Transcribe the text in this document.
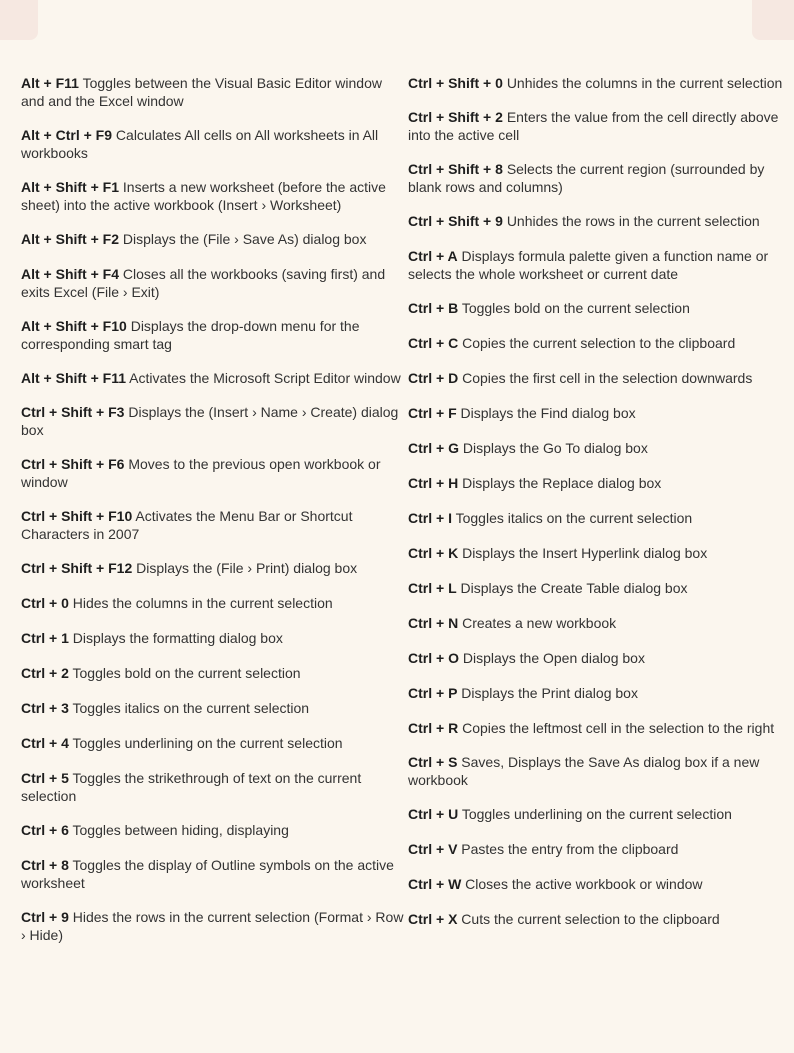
Alt + F11 Toggles between the Visual Basic Editor window and and the Excel window

Alt + Ctrl + F9 Calculates All cells on All worksheets in All workbooks

Alt + Shift + F1 Inserts a new worksheet (before the active sheet) into the active workbook (Insert › Worksheet)

Alt + Shift + F2 Displays the (File › Save As) dialog box

Alt + Shift + F4 Closes all the workbooks (saving first) and exits Excel (File › Exit)

Alt + Shift + F10 Displays the drop-down menu for the corresponding smart tag

Alt + Shift + F11 Activates the Microsoft Script Editor window

Ctrl + Shift + F3 Displays the (Insert › Name › Create) dialog box

Ctrl + Shift + F6 Moves to the previous open workbook or window

Ctrl + Shift + F10 Activates the Menu Bar or Shortcut Characters in 2007

Ctrl + Shift + F12 Displays the (File › Print) dialog box

Ctrl + 0 Hides the columns in the current selection

Ctrl + 1 Displays the formatting dialog box

Ctrl + 2 Toggles bold on the current selection

Ctrl + 3 Toggles italics on the current selection

Ctrl + 4 Toggles underlining on the current selection

Ctrl + 5 Toggles the strikethrough of text on the current selection

Ctrl + 6 Toggles between hiding, displaying

Ctrl + 8 Toggles the display of Outline symbols on the active worksheet

Ctrl + 9 Hides the rows in the current selection (Format › Row › Hide)

Ctrl + Shift + 0 Unhides the columns in the current selection

Ctrl + Shift + 2 Enters the value from the cell directly above into the active cell

Ctrl + Shift + 8 Selects the current region (surrounded by blank rows and columns)

Ctrl + Shift + 9 Unhides the rows in the current selection

Ctrl + A Displays formula palette given a function name or selects the whole worksheet or current date

Ctrl + B Toggles bold on the current selection

Ctrl + C Copies the current selection to the clipboard

Ctrl + D Copies the first cell in the selection downwards

Ctrl + F Displays the Find dialog box

Ctrl + G Displays the Go To dialog box

Ctrl + H Displays the Replace dialog box

Ctrl + I Toggles italics on the current selection

Ctrl + K Displays the Insert Hyperlink dialog box

Ctrl + L Displays the Create Table dialog box

Ctrl + N Creates a new workbook

Ctrl + O Displays the Open dialog box

Ctrl + P Displays the Print dialog box

Ctrl + R Copies the leftmost cell in the selection to the right

Ctrl + S Saves, Displays the Save As dialog box if a new workbook

Ctrl + U Toggles underlining on the current selection

Ctrl + V Pastes the entry from the clipboard

Ctrl + W Closes the active workbook or window

Ctrl + X Cuts the current selection to the clipboard
